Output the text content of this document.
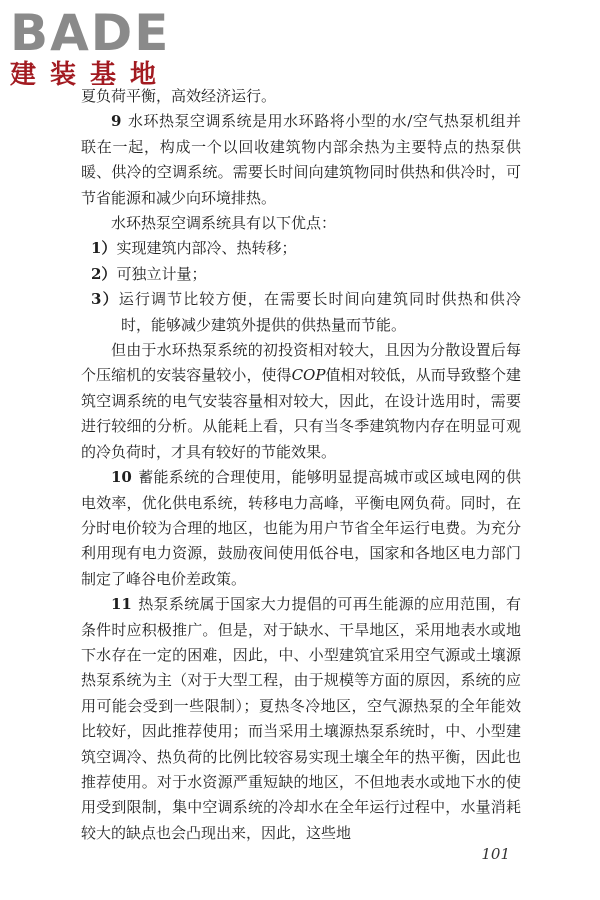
BADE
建装基地

夏负荷平衡，高效经济运行。

9 水环热泵空调系统是用水环路将小型的水/空气热泵机组并联在一起，构成一个以回收建筑物内部余热为主要特点的热泵供暖、供冷的空调系统。需要长时间向建筑物同时供热和供冷时，可节省能源和减少向环境排热。

水环热泵空调系统具有以下优点：

1）实现建筑内部冷、热转移；

2）可独立计量；

3）运行调节比较方便，在需要长时间向建筑同时供热和供冷时，能够减少建筑外提供的供热量而节能。

但由于水环热泵系统的初投资相对较大，且因为分散设置后每个压缩机的安装容量较小，使得COP值相对较低，从而导致整个建筑空调系统的电气安装容量相对较大，因此，在设计选用时，需要进行较细的分析。从能耗上看，只有当冬季建筑物内存在明显可观的冷负荷时，才具有较好的节能效果。

10 蓄能系统的合理使用，能够明显提高城市或区域电网的供电效率，优化供电系统，转移电力高峰，平衡电网负荷。同时，在分时电价较为合理的地区，也能为用户节省全年运行电费。为充分利用现有电力资源，鼓励夜间使用低谷电，国家和各地区电力部门制定了峰谷电价差政策。

11 热泵系统属于国家大力提倡的可再生能源的应用范围，有条件时应积极推广。但是，对于缺水、干旱地区，采用地表水或地下水存在一定的困难，因此，中、小型建筑宜采用空气源或土壤源热泵系统为主（对于大型工程，由于规模等方面的原因，系统的应用可能会受到一些限制）；夏热冬冷地区，空气源热泵的全年能效比较好，因此推荐使用；而当采用土壤源热泵系统时，中、小型建筑空调冷、热负荷的比例比较容易实现土壤全年的热平衡，因此也推荐使用。对于水资源严重短缺的地区，不但地表水或地下水的使用受到限制，集中空调系统的冷却水在全年运行过程中，水量消耗较大的缺点也会凸现出来，因此，这些地

101
